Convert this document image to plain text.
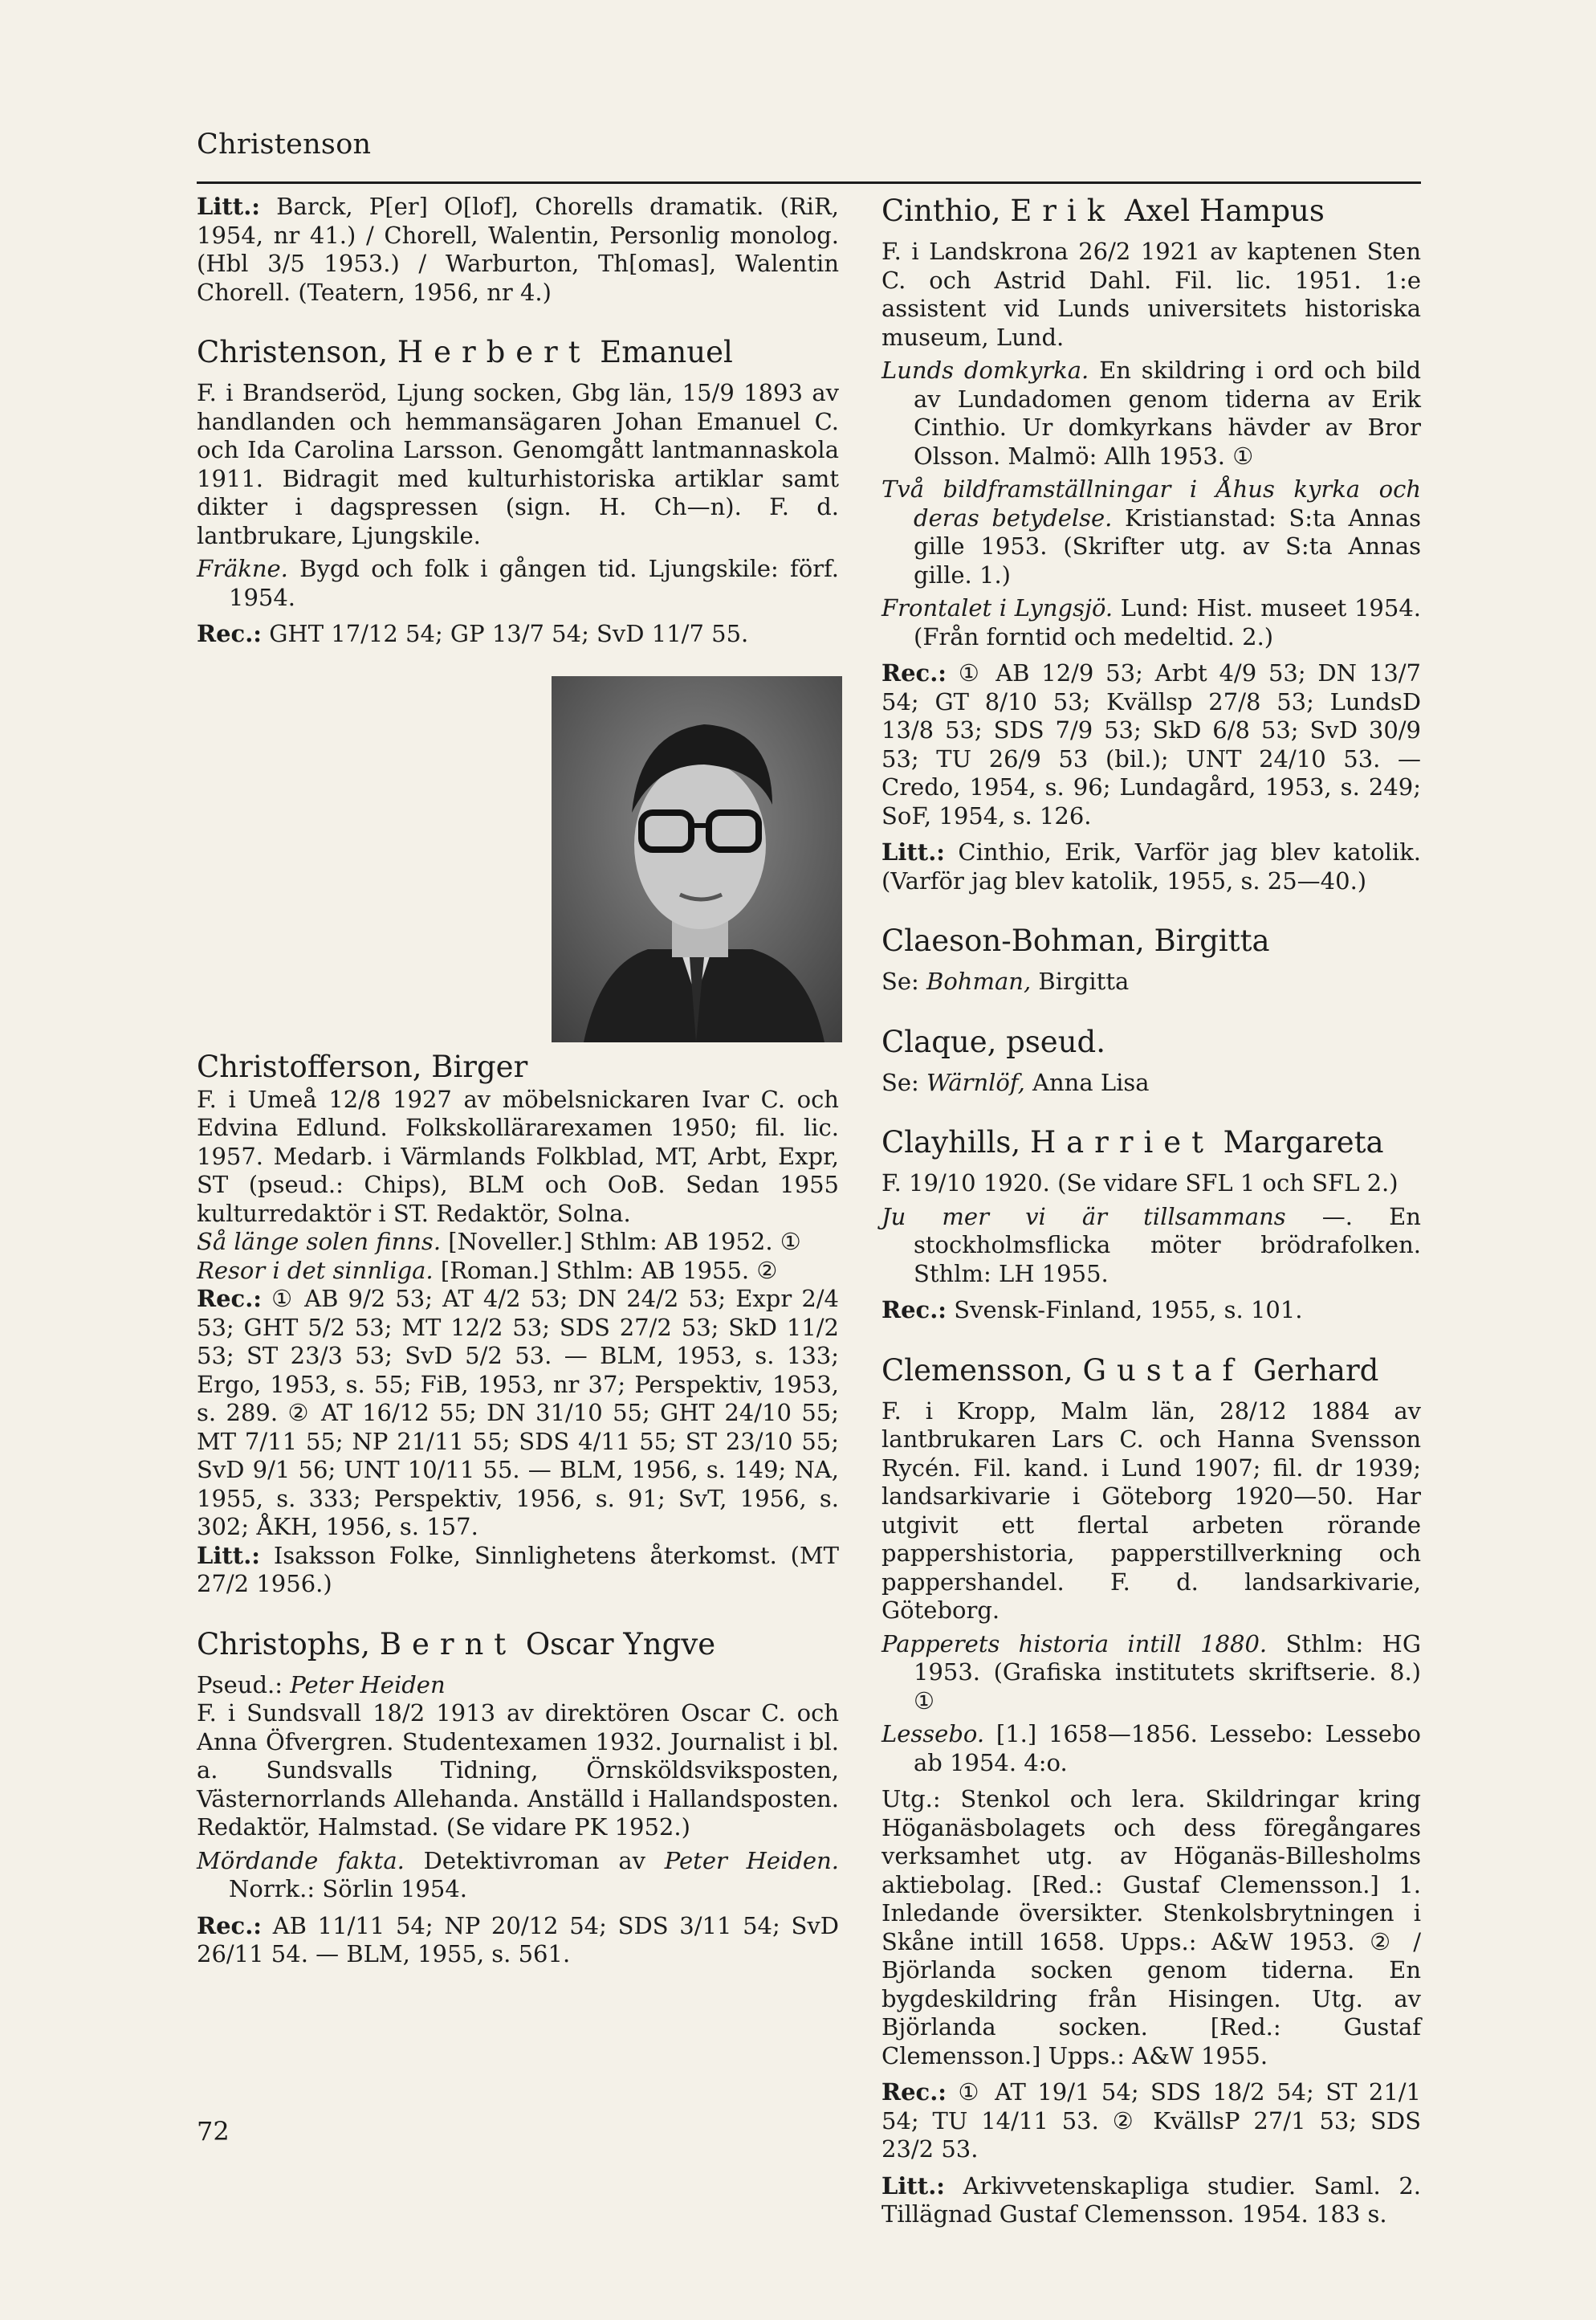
Christenson

Litt.: Barck, P[er] O[lof], Chorells dramatik. (RiR, 1954, nr 41.) / Chorell, Walentin, Personlig monolog. (Hbl 3/5 1953.) / Warburton, Th[omas], Walentin Chorell. (Teatern, 1956, nr 4.)

Christenson, Herbert Emanuel

F. i Brandseröd, Ljung socken, Gbg län, 15/9 1893 av handlanden och hemmansägaren Johan Emanuel C. och Ida Carolina Larsson. Genomgått lantmannaskola 1911. Bidragit med kulturhistoriska artiklar samt dikter i dagspressen (sign. H. Ch—n). F. d. lantbrukare, Ljungskile.

Fräkne. Bygd och folk i gången tid. Ljungskile: förf. 1954.

Rec.: GHT 17/12 54; GP 13/7 54; SvD 11/7 55.

Christofferson, Birger

F. i Umeå 12/8 1927 av möbelsnickaren Ivar C. och Edvina Edlund. Folkskollärarexamen 1950; fil. lic. 1957. Medarb. i Värmlands Folkblad, MT, Arbt, Expr, ST (pseud.: Chips), BLM och OoB. Sedan 1955 kulturredaktör i ST. Redaktör, Solna.

Så länge solen finns. [Noveller.] Sthlm: AB 1952. ①

Resor i det sinnliga. [Roman.] Sthlm: AB 1955. ②

Rec.: ① AB 9/2 53; AT 4/2 53; DN 24/2 53; Expr 2/4 53; GHT 5/2 53; MT 12/2 53; SDS 27/2 53; SkD 11/2 53; ST 23/3 53; SvD 5/2 53. — BLM, 1953, s. 133; Ergo, 1953, s. 55; FiB, 1953, nr 37; Perspektiv, 1953, s. 289. ② AT 16/12 55; DN 31/10 55; GHT 24/10 55; MT 7/11 55; NP 21/11 55; SDS 4/11 55; ST 23/10 55; SvD 9/1 56; UNT 10/11 55. — BLM, 1956, s. 149; NA, 1955, s. 333; Perspektiv, 1956, s. 91; SvT, 1956, s. 302; ÅKH, 1956, s. 157.

Litt.: Isaksson Folke, Sinnlighetens återkomst. (MT 27/2 1956.)

Christophs, Bernt Oscar Yngve

Pseud.: Peter Heiden

F. i Sundsvall 18/2 1913 av direktören Oscar C. och Anna Öfvergren. Studentexamen 1932. Journalist i bl. a. Sundsvalls Tidning, Örnsköldsviksposten, Västernorrlands Allehanda. Anställd i Hallandsposten. Redaktör, Halmstad. (Se vidare PK 1952.)

Mördande fakta. Detektivroman av Peter Heiden. Norrk.: Sörlin 1954.

Rec.: AB 11/11 54; NP 20/12 54; SDS 3/11 54; SvD 26/11 54. — BLM, 1955, s. 561.

Cinthio, Erik Axel Hampus

F. i Landskrona 26/2 1921 av kaptenen Sten C. och Astrid Dahl. Fil. lic. 1951. 1:e assistent vid Lunds universitets historiska museum, Lund.

Lunds domkyrka. En skildring i ord och bild av Lundadomen genom tiderna av Erik Cinthio. Ur domkyrkans hävder av Bror Olsson. Malmö: Allh 1953. ①

Två bildframställningar i Åhus kyrka och deras betydelse. Kristianstad: S:ta Annas gille 1953. (Skrifter utg. av S:ta Annas gille. 1.)

Frontalet i Lyngsjö. Lund: Hist. museet 1954. (Från forntid och medeltid. 2.)

Rec.: ① AB 12/9 53; Arbt 4/9 53; DN 13/7 54; GT 8/10 53; Kvällsp 27/8 53; LundsD 13/8 53; SDS 7/9 53; SkD 6/8 53; SvD 30/9 53; TU 26/9 53 (bil.); UNT 24/10 53. — Credo, 1954, s. 96; Lundagård, 1953, s. 249; SoF, 1954, s. 126.

Litt.: Cinthio, Erik, Varför jag blev katolik. (Varför jag blev katolik, 1955, s. 25—40.)

Claeson-Bohman, Birgitta

Se: Bohman, Birgitta

Claque, pseud.

Se: Wärnlöf, Anna Lisa

Clayhills, Harriet Margareta

F. 19/10 1920. (Se vidare SFL 1 och SFL 2.)

Ju mer vi är tillsammans —. En stockholmsflicka möter brödrafolken. Sthlm: LH 1955.

Rec.: Svensk-Finland, 1955, s. 101.

Clemensson, Gustaf Gerhard

F. i Kropp, Malm län, 28/12 1884 av lantbrukaren Lars C. och Hanna Svensson Rycén. Fil. kand. i Lund 1907; fil. dr 1939; landsarkivarie i Göteborg 1920—50. Har utgivit ett flertal arbeten rörande pappershistoria, papperstillverkning och pappershandel. F. d. landsarkivarie, Göteborg.

Papperets historia intill 1880. Sthlm: HG 1953. (Grafiska institutets skriftserie. 8.) ①

Lessebo. [1.] 1658—1856. Lessebo: Lessebo ab 1954. 4:o.

Utg.: Stenkol och lera. Skildringar kring Höganäsbolagets och dess föregångares verksamhet utg. av Höganäs-Billesholms aktiebolag. [Red.: Gustaf Clemensson.] 1. Inledande översikter. Stenkolsbrytningen i Skåne intill 1658. Upps.: A&W 1953. ② / Björlanda socken genom tiderna. En bygdeskildring från Hisingen. Utg. av Björlanda socken. [Red.: Gustaf Clemensson.] Upps.: A&W 1955.

Rec.: ① AT 19/1 54; SDS 18/2 54; ST 21/1 54; TU 14/11 53. ② KvällsP 27/1 53; SDS 23/2 53.

Litt.: Arkivvetenskapliga studier. Saml. 2. Tillägnad Gustaf Clemensson. 1954. 183 s.

72
